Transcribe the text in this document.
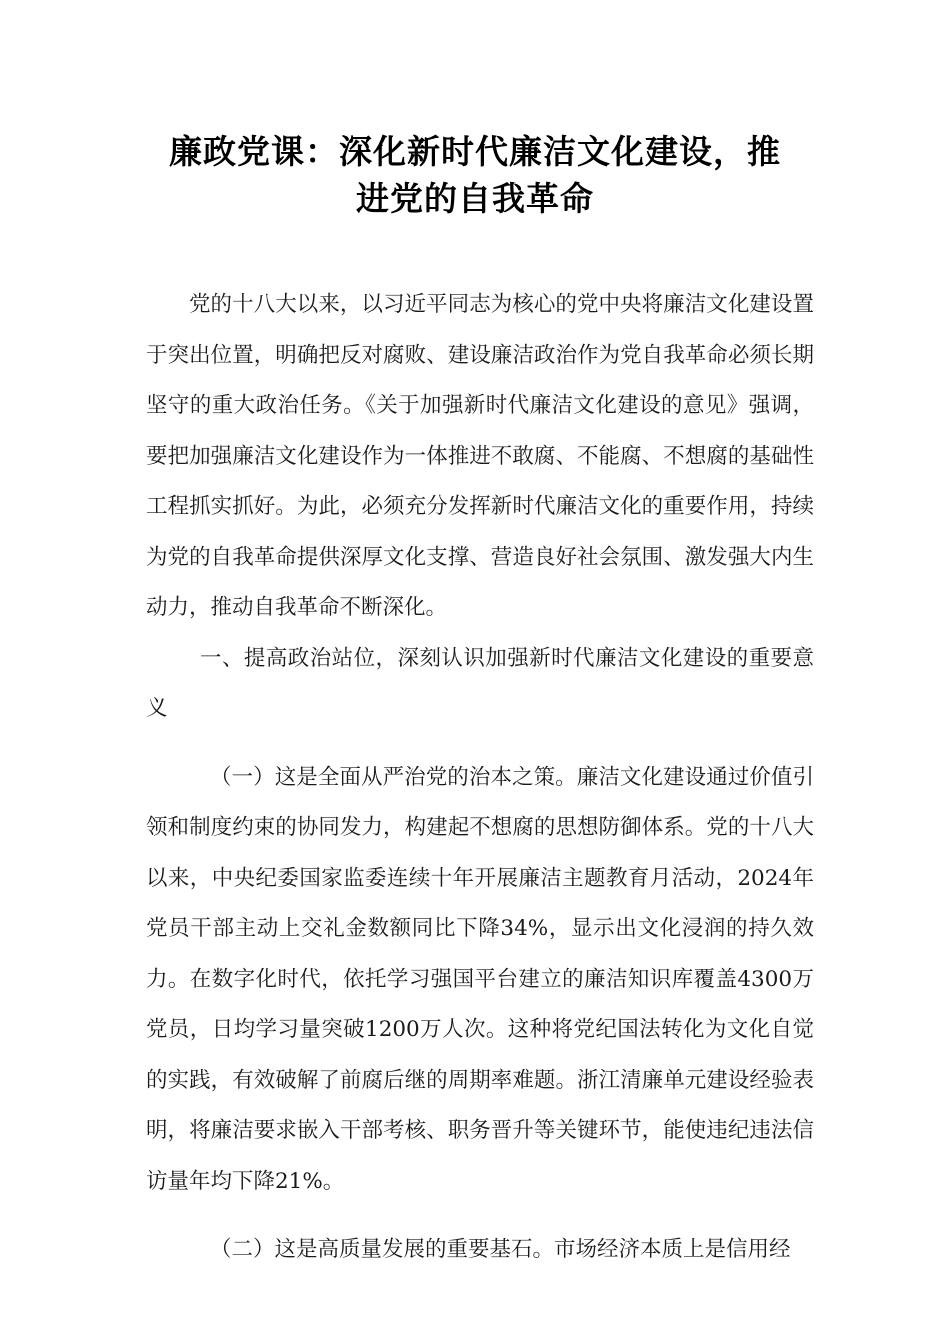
廉政党课：深化新时代廉洁文化建设，推
进党的自我革命

党的十八大以来，以习近平同志为核心的党中央将廉洁文化建设置于突出位置，明确把反对腐败、建设廉洁政治作为党自我革命必须长期坚守的重大政治任务。《关于加强新时代廉洁文化建设的意见》强调，要把加强廉洁文化建设作为一体推进不敢腐、不能腐、不想腐的基础性工程抓实抓好。为此，必须充分发挥新时代廉洁文化的重要作用，持续为党的自我革命提供深厚文化支撑、营造良好社会氛围、激发强大内生动力，推动自我革命不断深化。

一、提高政治站位，深刻认识加强新时代廉洁文化建设的重要意义

（一）这是全面从严治党的治本之策。廉洁文化建设通过价值引领和制度约束的协同发力，构建起不想腐的思想防御体系。党的十八大以来，中央纪委国家监委连续十年开展廉洁主题教育月活动，2024年党员干部主动上交礼金数额同比下降34%，显示出文化浸润的持久效力。在数字化时代，依托学习强国平台建立的廉洁知识库覆盖4300万党员，日均学习量突破1200万人次。这种将党纪国法转化为文化自觉的实践，有效破解了前腐后继的周期率难题。浙江清廉单元建设经验表明，将廉洁要求嵌入干部考核、职务晋升等关键环节，能使违纪违法信访量年均下降21%。

（二）这是高质量发展的重要基石。市场经济本质上是信用经
